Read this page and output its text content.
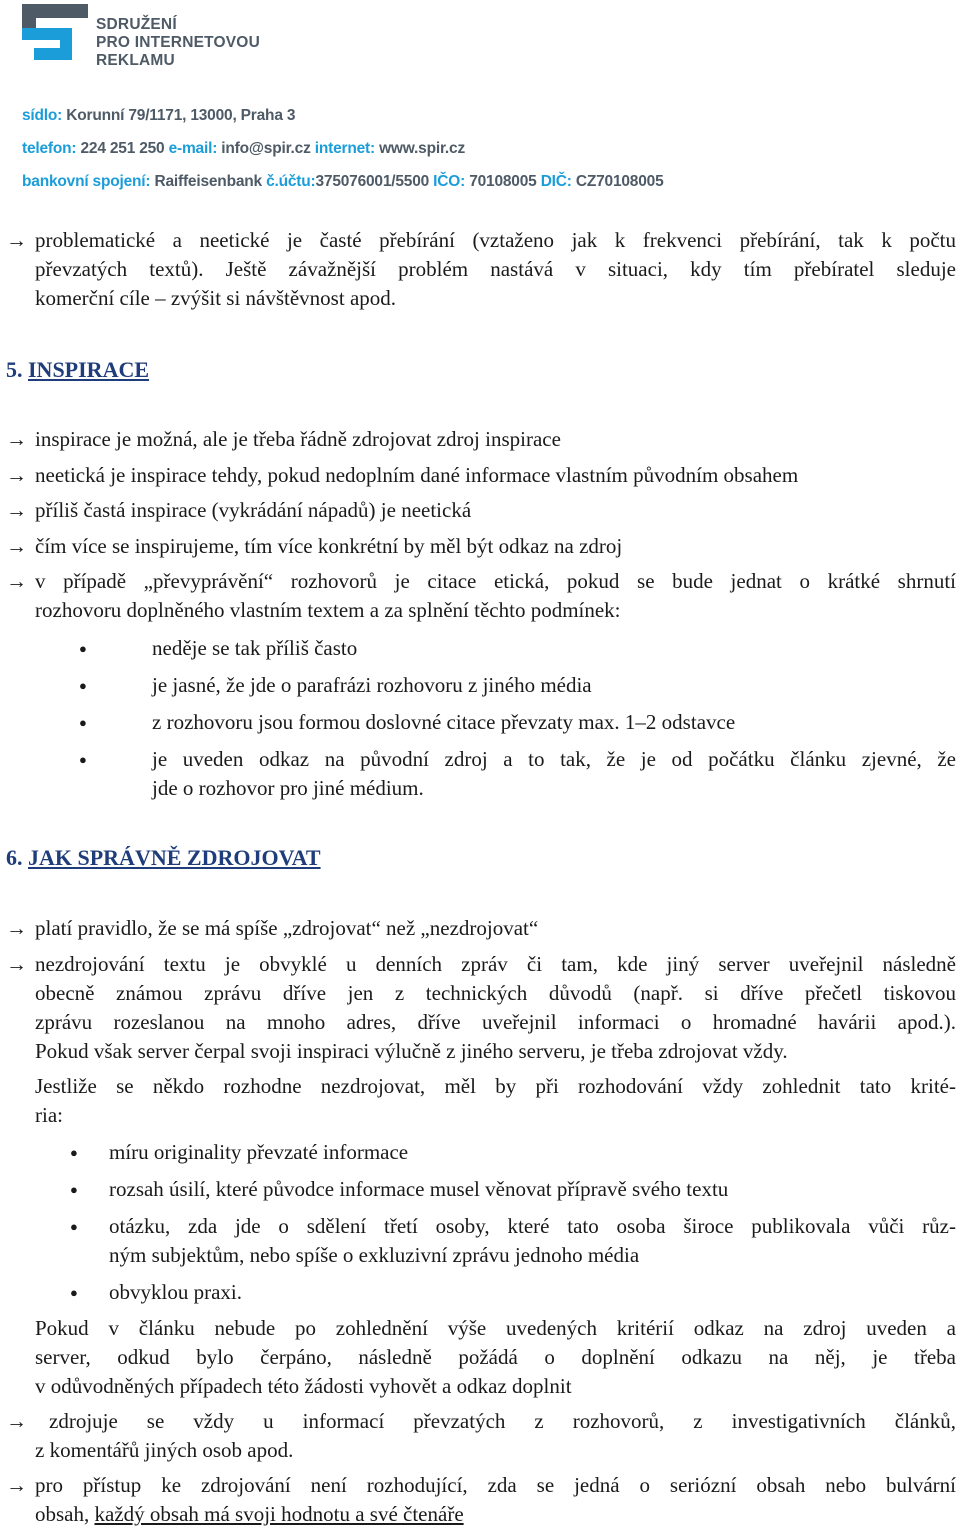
SDRUŽENÍ
PRO INTERNETOVOU
REKLAMU
sídlo: Korunní 79/1171, 13000, Praha 3
telefon: 224 251 250 e-mail: info@spir.cz internet: www.spir.cz
bankovní spojení: Raiffeisenbank č.účtu:375076001/5500 IČO: 70108005 DIČ: CZ70108005
→ problematické a neetické je časté přebírání (vztaženo jak k frekvenci přebírání, tak k počtu
převzatých textů). Ještě závažnější problém nastává v situaci, kdy tím přebíratel sleduje
komerční cíle – zvýšit si návštěvnost apod.
5. INSPIRACE
→ inspirace je možná, ale je třeba řádně zdrojovat zdroj inspirace
→ neetická je inspirace tehdy, pokud nedoplním dané informace vlastním původním obsahem
→ příliš častá inspirace (vykrádání nápadů) je neetická
→ čím více se inspirujeme, tím více konkrétní by měl být odkaz na zdroj
→ v případě „převyprávění“ rozhovorů je citace etická, pokud se bude jednat o krátké shrnutí
rozhovoru doplněného vlastním textem a za splnění těchto podmínek:
●	neděje se tak příliš často
●	je jasné, že jde o parafrázi rozhovoru z jiného média
●	z rozhovoru jsou formou doslovné citace převzaty max. 1–2 odstavce
●	je uveden odkaz na původní zdroj a to tak, že je od počátku článku zjevné, že
jde o rozhovor pro jiné médium.
6. JAK SPRÁVNĚ ZDROJOVAT
→ platí pravidlo, že se má spíše „zdrojovat“ než „nezdrojovat“
→ nezdrojování textu je obvyklé u denních zpráv či tam, kde jiný server uveřejnil následně
obecně známou zprávu dříve jen z technických důvodů (např. si dříve přečetl tiskovou
zprávu rozeslanou na mnoho adres, dříve uveřejnil informaci o hromadné havárii apod.).
Pokud však server čerpal svoji inspiraci výlučně z jiného serveru, je třeba zdrojovat vždy.
Jestliže se někdo rozhodne nezdrojovat, měl by při rozhodování vždy zohlednit tato krité-
ria:
● míru originality převzaté informace
● rozsah úsilí, které původce informace musel věnovat přípravě svého textu
● otázku, zda jde o sdělení třetí osoby, které tato osoba široce publikovala vůči růz-
ným subjektům, nebo spíše o exkluzivní zprávu jednoho média
● obvyklou praxi.
Pokud v článku nebude po zohlednění výše uvedených kritérií odkaz na zdroj uveden a
server, odkud bylo čerpáno, následně požádá o doplnění odkazu na něj, je třeba
v odůvodněných případech této žádosti vyhovět a odkaz doplnit
→ zdrojuje se vždy u informací převzatých z rozhovorů, z investigativních článků,
z komentářů jiných osob apod.
→ pro přístup ke zdrojování není rozhodující, zda se jedná o seriózní obsah nebo bulvární
obsah, každý obsah má svoji hodnotu a své čtenáře
